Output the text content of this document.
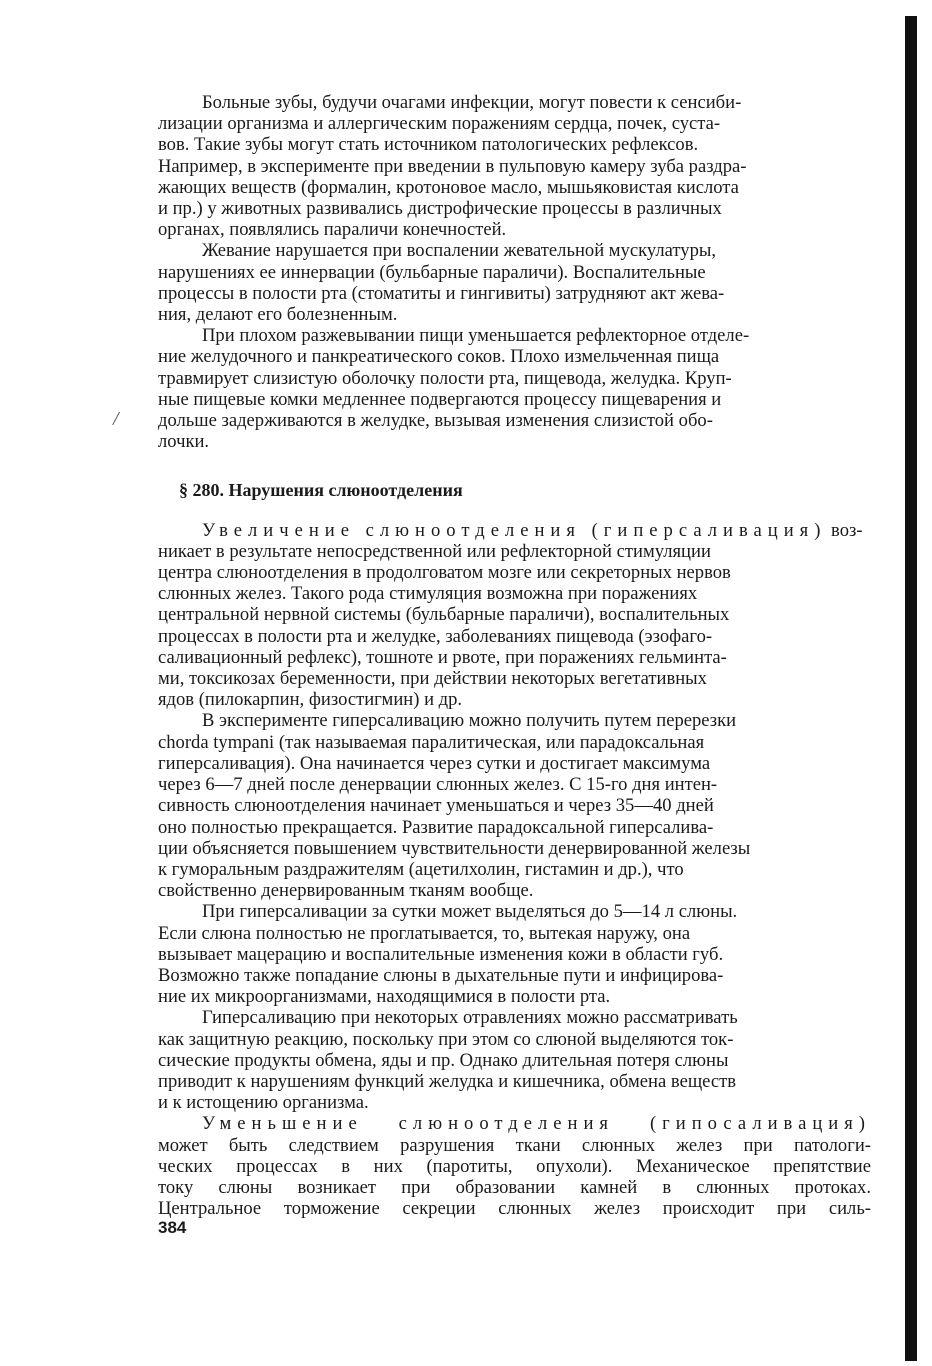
/

Больные зубы, будучи очагами инфекции, могут повести к сенсиби-
лизации организма и аллергическим поражениям сердца, почек, суста-
вов. Такие зубы могут стать источником патологических рефлексов.
Например, в эксперименте при введении в пульповую камеру зуба раздра-
жающих веществ (формалин, кротоновое масло, мышьяковистая кислота
и пр.) у животных развивались дистрофические процессы в различных
органах, появлялись параличи конечностей.

Жевание нарушается при воспалении жевательной мускулатуры,
нарушениях ее иннервации (бульбарные параличи). Воспалительные
процессы в полости рта (стоматиты и гингивиты) затрудняют акт жева-
ния, делают его болезненным.

При плохом разжевывании пищи уменьшается рефлекторное отделе-
ние желудочного и панкреатического соков. Плохо измельченная пища
травмирует слизистую оболочку полости рта, пищевода, желудка. Круп-
ные пищевые комки медленнее подвергаются процессу пищеварения и
дольше задерживаются в желудке, вызывая изменения слизистой обо-
лочки.

§ 280. Нарушения слюноотделения

Увеличение слюноотделения (гиперсаливация) воз-
никает в результате непосредственной или рефлекторной стимуляции
центра слюноотделения в продолговатом мозге или секреторных нервов
слюнных желез. Такого рода стимуляция возможна при поражениях
центральной нервной системы (бульбарные параличи), воспалительных
процессах в полости рта и желудке, заболеваниях пищевода (эзофаго-
саливационный рефлекс), тошноте и рвоте, при поражениях гельминта-
ми, токсикозах беременности, при действии некоторых вегетативных
ядов (пилокарпин, физостигмин) и др.

В эксперименте гиперсаливацию можно получить путем перерезки
chorda tympani (так называемая паралитическая, или парадоксальная
гиперсаливация). Она начинается через сутки и достигает максимума
через 6—7 дней после денервации слюнных желез. С 15-го дня интен-
сивность слюноотделения начинает уменьшаться и через 35—40 дней
оно полностью прекращается. Развитие парадоксальной гиперсалива-
ции объясняется повышением чувствительности денервированной железы
к гуморальным раздражителям (ацетилхолин, гистамин и др.), что
свойственно денервированным тканям вообще.

При гиперсаливации за сутки может выделяться до 5—14 л слюны.
Если слюна полностью не проглатывается, то, вытекая наружу, она
вызывает мацерацию и воспалительные изменения кожи в области губ.
Возможно также попадание слюны в дыхательные пути и инфицирова-
ние их микроорганизмами, находящимися в полости рта.

Гиперсаливацию при некоторых отравлениях можно рассматривать
как защитную реакцию, поскольку при этом со слюной выделяются ток-
сические продукты обмена, яды и пр. Однако длительная потеря слюны
приводит к нарушениям функций желудка и кишечника, обмена веществ
и к истощению организма.

Уменьшение слюноотделения (гипосаливация)
может быть следствием разрушения ткани слюнных желез при патологи-
ческих процессах в них (паротиты, опухоли). Механическое препятствие
току слюны возникает при образовании камней в слюнных протоках.
Центральное торможение секреции слюнных желез происходит при силь-

384
